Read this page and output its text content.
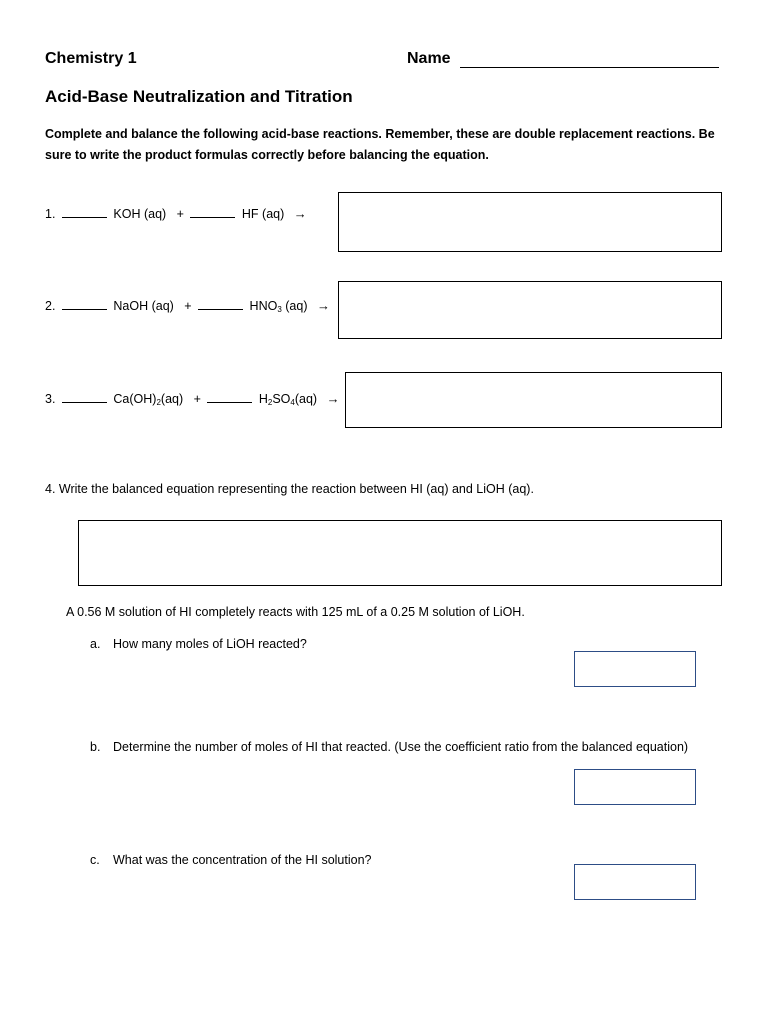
Chemistry 1	Name
Acid-Base Neutralization and Titration
Complete and balance the following acid-base reactions. Remember, these are double replacement reactions. Be sure to write the product formulas correctly before balancing the equation.
1.	KOH (aq) +	HF (aq) →
2.	NaOH (aq) +	$HNO_3$ (aq) →
3.	$Ca(OH)_2(aq)$ +	$H_2SO_4(aq)$ →
4. Write the balanced equation representing the reaction between HI (aq) and LiOH (aq).
A 0.56 M solution of HI completely reacts with 125 mL of a 0.25 M solution of LiOH.
a. How many moles of LiOH reacted?
b. Determine the number of moles of HI that reacted. (Use the coefficient ratio from the balanced equation)
c. What was the concentration of the HI solution?
